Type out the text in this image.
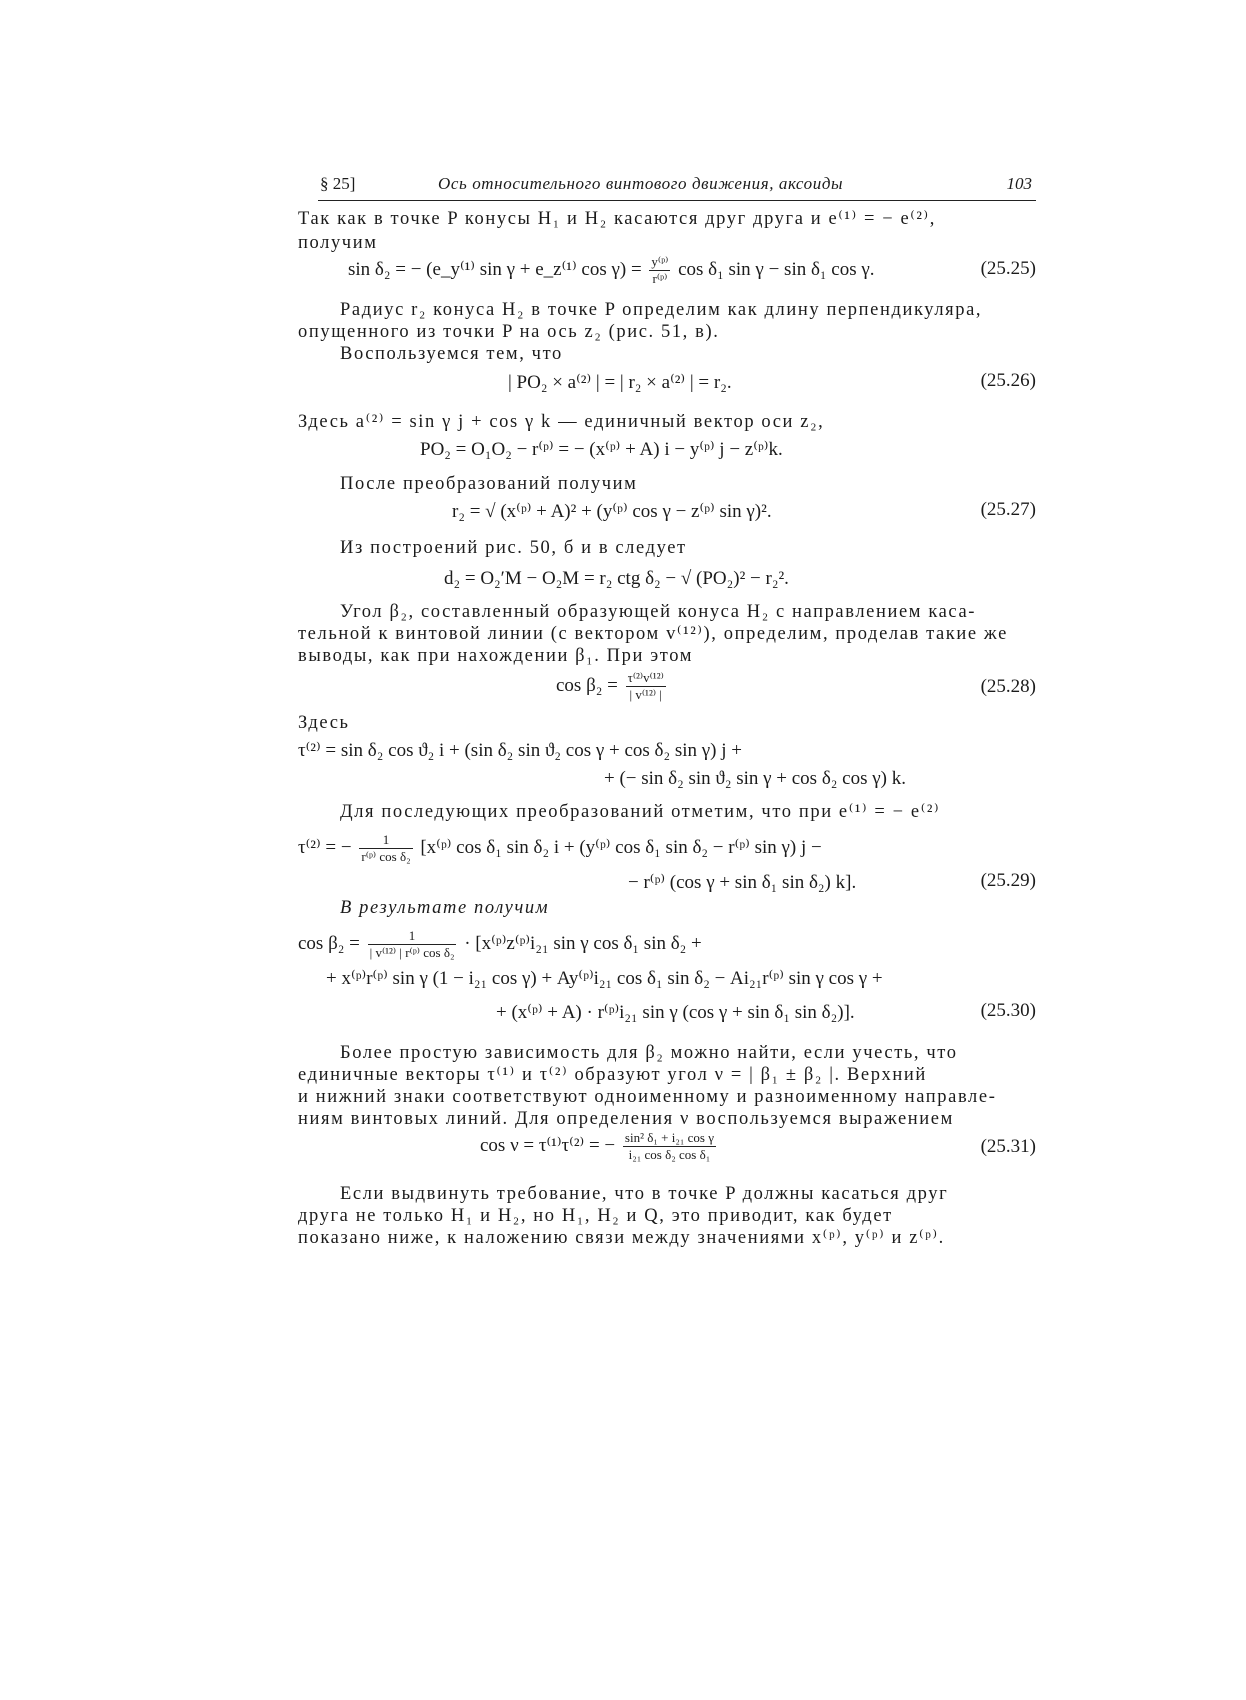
§ 25]	Ось относительного винтового движения, аксоиды	103
Так как в точке P конусы H₁ и H₂ касаются друг друга и e⁽¹⁾ = − e⁽²⁾,
получим
sin δ₂ = − (e_y⁽¹⁾ sin γ + e_z⁽¹⁾ $\cos \gamma) = \frac{\text{y⁽ᵖ⁾}}{\text{r⁽ᵖ⁾}}$ cos δ₁ sin γ − sin δ₁ cos γ.	(25.25)
Радиус r₂ конуса H₂ в точке P определим как длину перпендикуляра,
опущенного из точки P на ось z₂ (рис. 51, в).
Воспользуемся тем, что
| PO₂ × a⁽²⁾ | = | r₂ × a⁽²⁾ | = r₂.	(25.26)
Здесь a⁽²⁾ = sin γ j + cos γ k — единичный вектор оси z₂,
PO₂ = O₁O₂ − r⁽ᵖ⁾ = − (x⁽ᵖ⁾ + A) i − y⁽ᵖ⁾ j − z⁽ᵖ⁾k.
После преобразований получим
r₂ = √ (x⁽ᵖ⁾ + A)² + (y⁽ᵖ⁾ cos γ − z⁽ᵖ⁾ sin γ)².	(25.27)
Из построений рис. 50, б и в следует
d₂ = O₂′M − O₂M = r₂ ctg δ₂ − √ (PO₂)² − r₂².
Угол β₂, составленный образующей конуса H₂ с направлением каса-
тельной к винтовой линии (с вектором v⁽¹²⁾), определим, проделав такие же
выводы, как при нахождении β₁. При этом
$\cos \beta_2 = \frac{\text{τ⁽²⁾v⁽¹²⁾}}{\text{| v⁽¹²⁾ |}}$	(25.28)
Здесь
τ⁽²⁾ = sin δ₂ cos ϑ₂ i + (sin δ₂ sin ϑ₂ cos γ + cos δ₂ sin γ) j +
+ (− sin δ₂ sin ϑ₂ sin γ + cos δ₂ cos γ) k.
Для последующих преобразований отметим, что при e⁽¹⁾ = − e⁽²⁾
τ⁽²⁾ = − $\frac{1}{\text{r⁽ᵖ⁾ cos δ₂}}$ [x⁽ᵖ⁾ cos δ₁ sin δ₂ i + (y⁽ᵖ⁾ cos δ₁ sin δ₂ − r⁽ᵖ⁾ sin γ) j −
− r⁽ᵖ⁾ (cos γ + sin δ₁ sin δ₂) k].	(25.29)
В результате получим
$\cos \beta_2 = \frac{1}{\text{| v⁽¹²⁾ | r⁽ᵖ⁾ cos δ₂}}$ · [x⁽ᵖ⁾z⁽ᵖ⁾i₂₁ sin γ cos δ₁ sin δ₂ +
+ x⁽ᵖ⁾r⁽ᵖ⁾ sin γ (1 − i₂₁ cos γ) + Ay⁽ᵖ⁾i₂₁ cos δ₁ sin δ₂ − Ai₂₁r⁽ᵖ⁾ sin γ cos γ +
+ (x⁽ᵖ⁾ + A) · r⁽ᵖ⁾i₂₁ sin γ (cos γ + sin δ₁ sin δ₂)].	(25.30)
Более простую зависимость для β₂ можно найти, если учесть, что
единичные векторы τ⁽¹⁾ и τ⁽²⁾ образуют угол ν = | β₁ ± β₂ |. Верхний
и нижний знаки соответствуют одноименному и разноименному направле-
ниям винтовых линий. Для определения ν воспользуемся выражением
cos ν = τ⁽¹⁾τ⁽²⁾ = − $\frac{\text{sin² δ₁ + i₂₁ cos γ}}{\text{i₂₁ cos δ₂ cos δ₁}}$	(25.31)
Если выдвинуть требование, что в точке P должны касаться друг
друга не только H₁ и H₂, но H₁, H₂ и Q, это приводит, как будет
показано ниже, к наложению связи между значениями x⁽ᵖ⁾, y⁽ᵖ⁾ и z⁽ᵖ⁾.
